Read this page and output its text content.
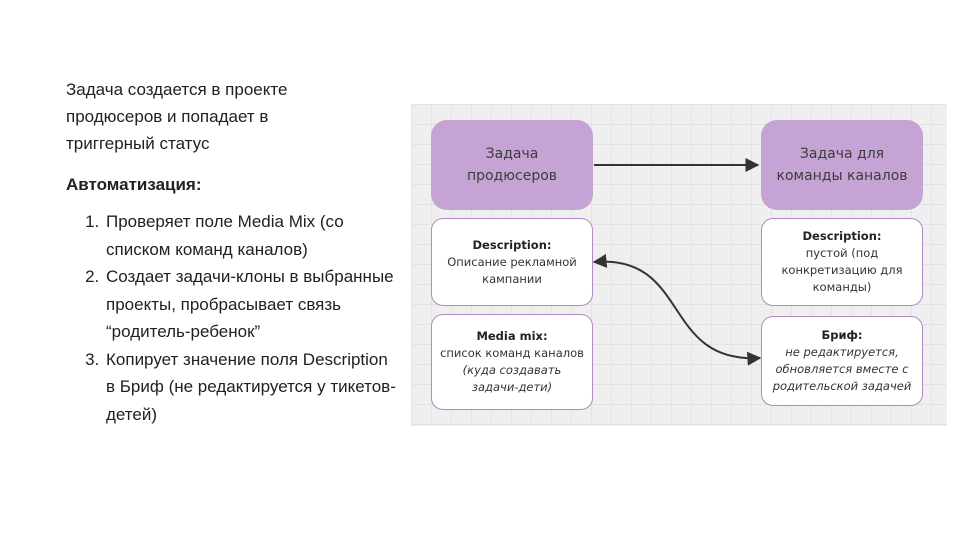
Задача создается в проекте
продюсеров и попадает в
триггерный статус

Автоматизация:

1. Проверяет поле Media Mix (со списком команд каналов)
2. Создает задачи-клоны в выбранные проекты, пробрасывает связь “родитель-ребенок”
3. Копирует значение поля Description в Бриф (не редактируется у тикетов-детей)
Задача
продюсеров
Задача для
команды каналов
Description:
Описание рекламной
кампании
Media mix:
список команд каналов
(куда создавать
задачи-дети)
Description:
пустой (под
конкретизацию для
команды)
Бриф:
не редактируется,
обновляется вместе с
родительской задачей
